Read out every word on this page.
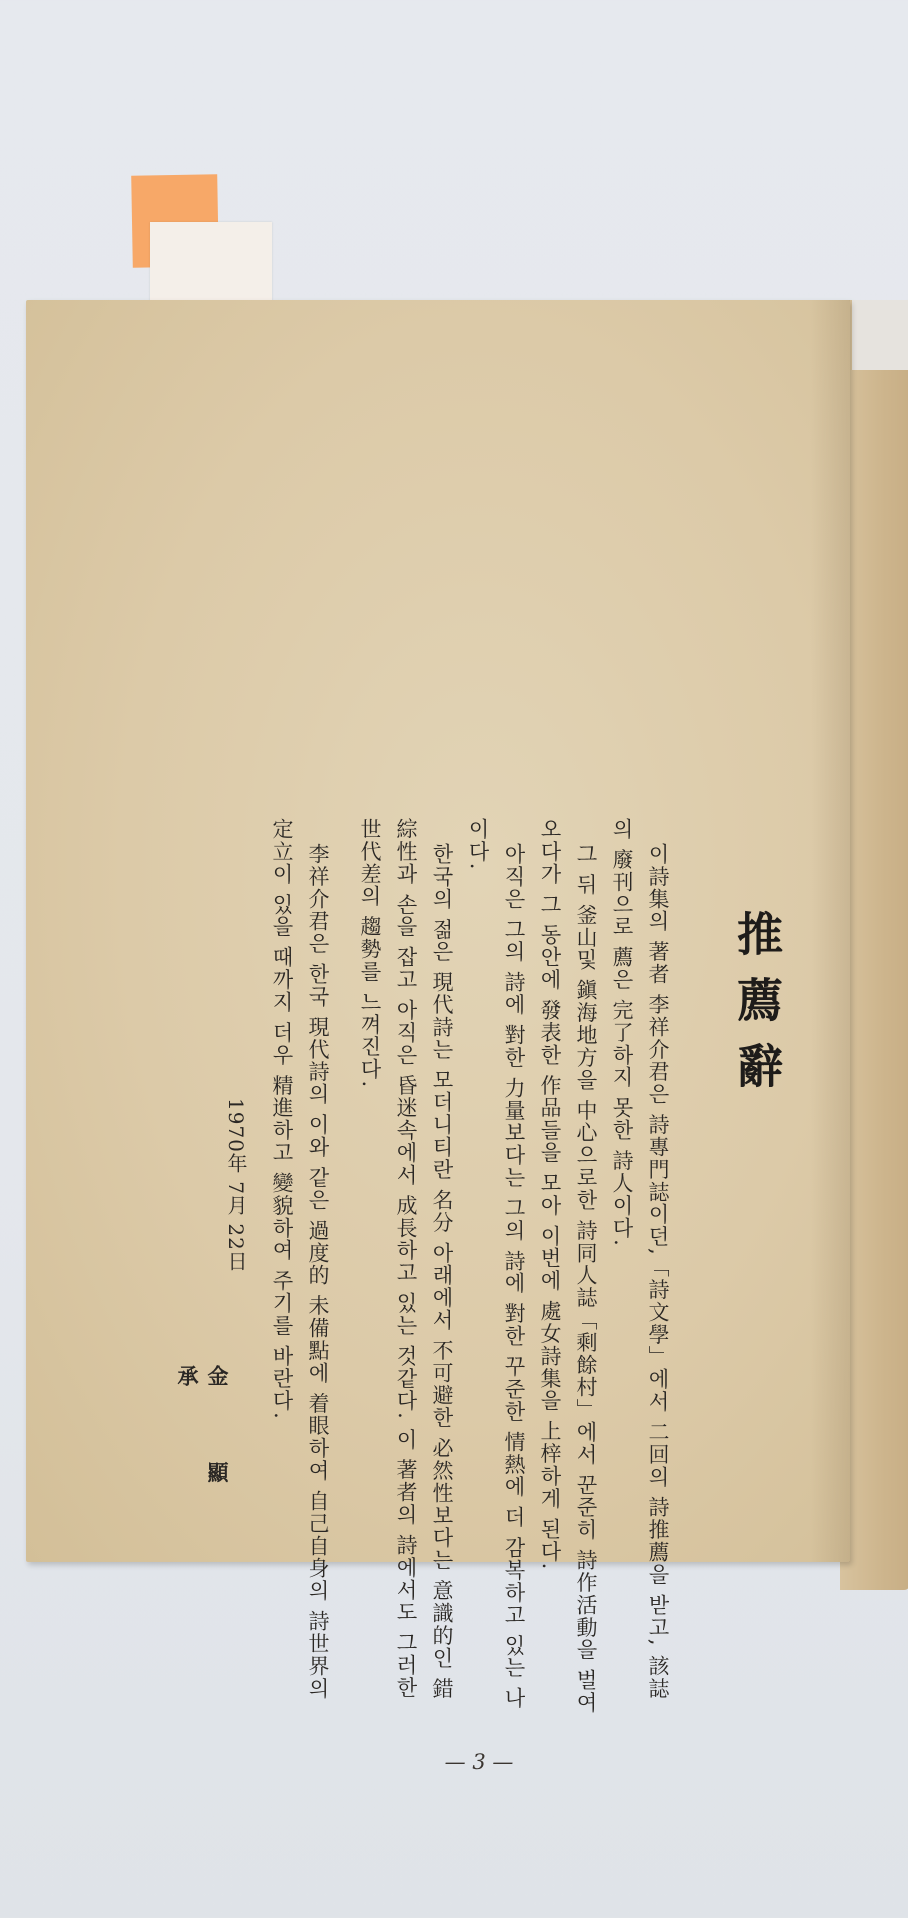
推薦辭

이詩集의 著者 李祥介君은 詩專門誌이던,「詩文學」에서 二回의 詩推薦을 받고, 該誌의 廢刊으로 薦은 完了하지 못한 詩人이다.

그 뒤 釜山및 鎭海地方을 中心으로한 詩同人誌「剩餘村」에서 꾼준히 詩作活動을 벌여오다가 그 동안에 發表한 作品들을 모아 이번에 處女詩集을 上梓하게 된다.

아직은 그의 詩에 對한 力量보다는 그의 詩에 對한 꾸준한 情熱에 더 감복하고 있는 나이다.

한국의 젊은 現代詩는 모더니티란 名分 아래에서 不可避한 必然性보다는 意識的인 錯綜性과 손을 잡고 아직은 昏迷속에서 成長하고 있는 것같다. 이 著者의 詩에서도 그러한 世代差의 趨勢를 느껴진다.

李祥介君은 한국 現代詩의 이와 같은 過度的 未備點에 着眼하여 自己自身의 詩世界의 定立이 있을 때까지 더우 精進하고 變貌하여 주기를 바란다.

1970年 7月 22日
金 顯 承
— 3 —
